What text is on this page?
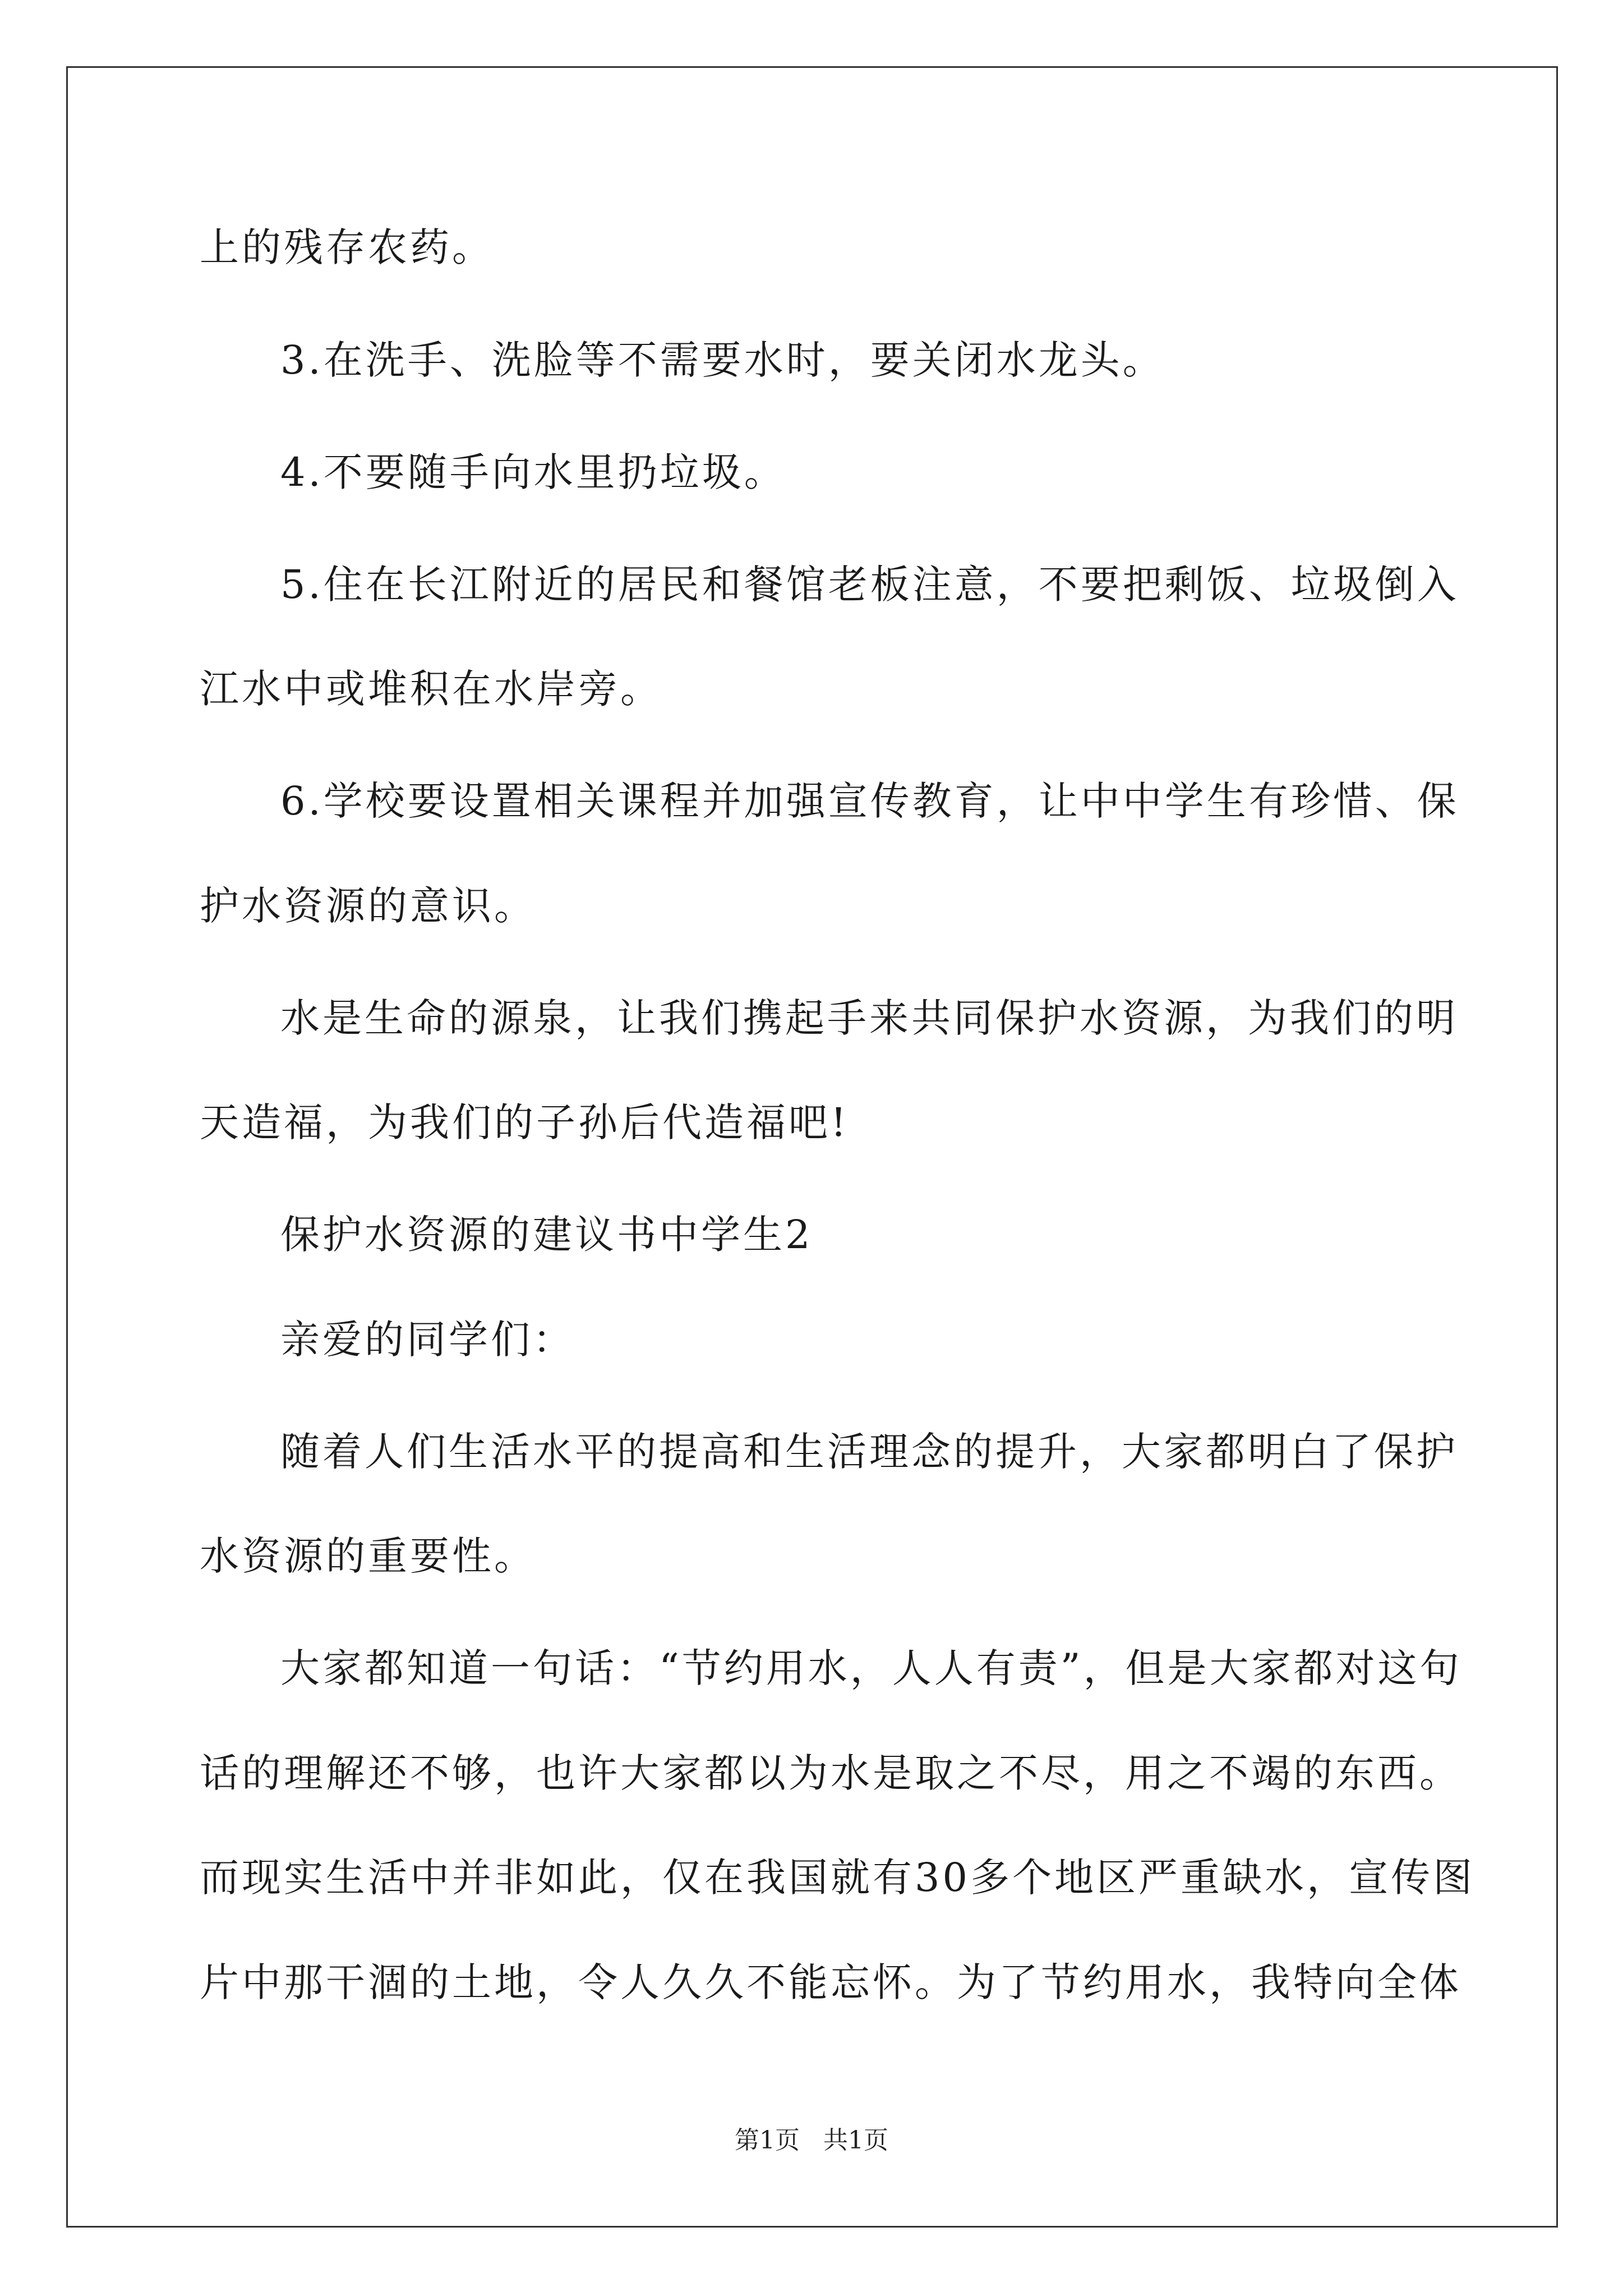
上的残存农药。
3.在洗手、洗脸等不需要水时，要关闭水龙头。
4.不要随手向水里扔垃圾。
5.住在长江附近的居民和餐馆老板注意，不要把剩饭、垃圾倒入
江水中或堆积在水岸旁。
6.学校要设置相关课程并加强宣传教育，让中中学生有珍惜、保
护水资源的意识。
水是生命的源泉，让我们携起手来共同保护水资源，为我们的明
天造福，为我们的子孙后代造福吧!
保护水资源的建议书中学生2
亲爱的同学们：
随着人们生活水平的提高和生活理念的提升，大家都明白了保护
水资源的重要性。
大家都知道一句话：“节约用水，人人有责”，但是大家都对这句
话的理解还不够，也许大家都以为水是取之不尽，用之不竭的东西。
而现实生活中并非如此，仅在我国就有30多个地区严重缺水，宣传图
片中那干涸的土地，令人久久不能忘怀。为了节约用水，我特向全体
第1页   共1页
